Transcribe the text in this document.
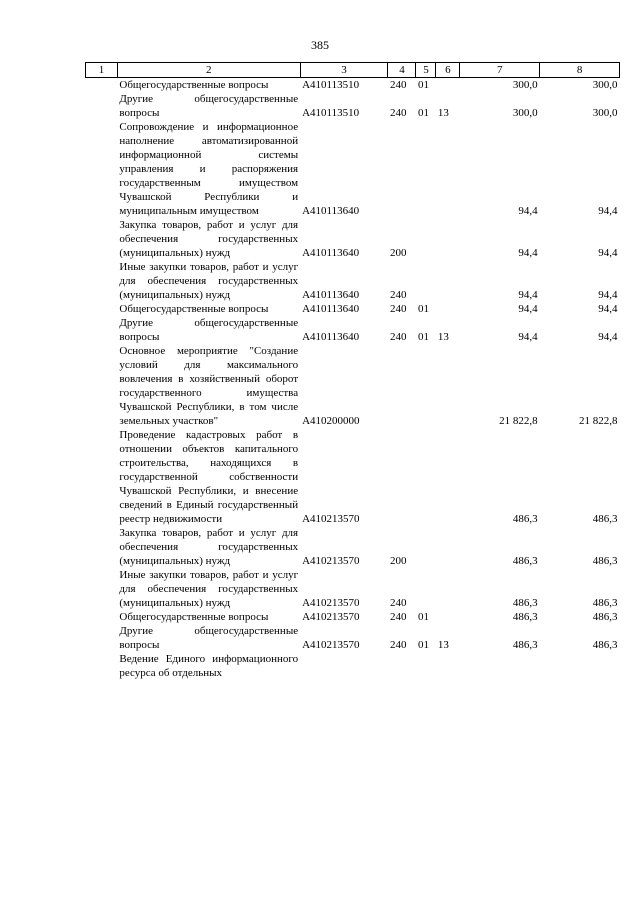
385
1	2	3	4	5	6	7	8
	Общегосударственные вопросы	А410113510	240	01		300,0	300,0
	Другие общегосударственные вопросы	А410113510	240	01	13	300,0	300,0
	Сопровождение и информационное наполнение автоматизированной информационной системы управления и распоряжения государственным имуществом Чувашской Республики и муниципальным имуществом	А410113640				94,4	94,4
	Закупка товаров, работ и услуг для обеспечения государственных (муниципальных) нужд	А410113640	200			94,4	94,4
	Иные закупки товаров, работ и услуг для обеспечения государственных (муниципальных) нужд	А410113640	240			94,4	94,4
	Общегосударственные вопросы	А410113640	240	01		94,4	94,4
	Другие общегосударственные вопросы	А410113640	240	01	13	94,4	94,4
	Основное мероприятие "Создание условий для максимального вовлечения в хозяйственный оборот государственного имущества Чувашской Республики, в том числе земельных участков"	А410200000				21 822,8	21 822,8
	Проведение кадастровых работ в отношении объектов капитального строительства, находящихся в государственной собственности Чувашской Республики, и внесение сведений в Единый государственный реестр недвижимости	А410213570				486,3	486,3
	Закупка товаров, работ и услуг для обеспечения государственных (муниципальных) нужд	А410213570	200			486,3	486,3
	Иные закупки товаров, работ и услуг для обеспечения государственных (муниципальных) нужд	А410213570	240			486,3	486,3
	Общегосударственные вопросы	А410213570	240	01		486,3	486,3
	Другие общегосударственные вопросы	А410213570	240	01	13	486,3	486,3
	Ведение Единого информационного ресурса об отдельных						
